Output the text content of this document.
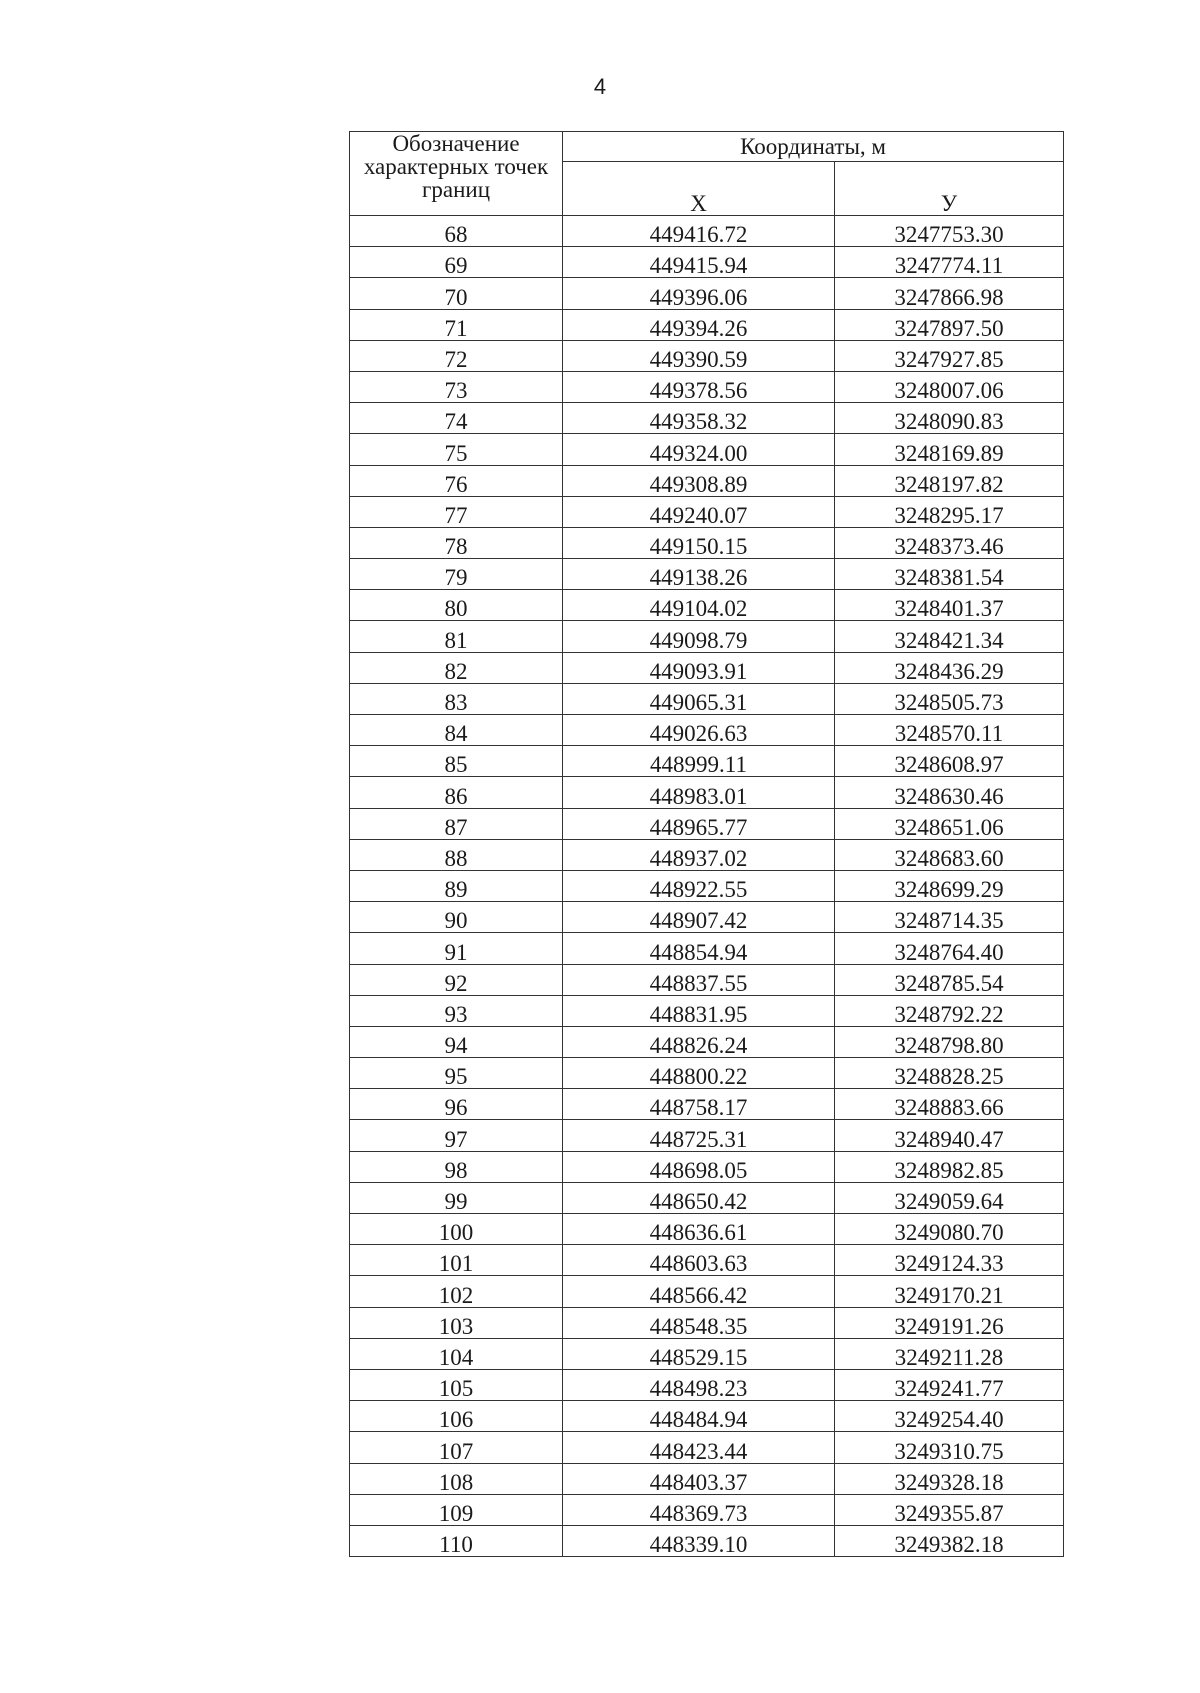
4
Обозначение характерных точек границ	Координаты, м	
	X	У
68	449416.72	3247753.30
69	449415.94	3247774.11
70	449396.06	3247866.98
71	449394.26	3247897.50
72	449390.59	3247927.85
73	449378.56	3248007.06
74	449358.32	3248090.83
75	449324.00	3248169.89
76	449308.89	3248197.82
77	449240.07	3248295.17
78	449150.15	3248373.46
79	449138.26	3248381.54
80	449104.02	3248401.37
81	449098.79	3248421.34
82	449093.91	3248436.29
83	449065.31	3248505.73
84	449026.63	3248570.11
85	448999.11	3248608.97
86	448983.01	3248630.46
87	448965.77	3248651.06
88	448937.02	3248683.60
89	448922.55	3248699.29
90	448907.42	3248714.35
91	448854.94	3248764.40
92	448837.55	3248785.54
93	448831.95	3248792.22
94	448826.24	3248798.80
95	448800.22	3248828.25
96	448758.17	3248883.66
97	448725.31	3248940.47
98	448698.05	3248982.85
99	448650.42	3249059.64
100	448636.61	3249080.70
101	448603.63	3249124.33
102	448566.42	3249170.21
103	448548.35	3249191.26
104	448529.15	3249211.28
105	448498.23	3249241.77
106	448484.94	3249254.40
107	448423.44	3249310.75
108	448403.37	3249328.18
109	448369.73	3249355.87
110	448339.10	3249382.18
